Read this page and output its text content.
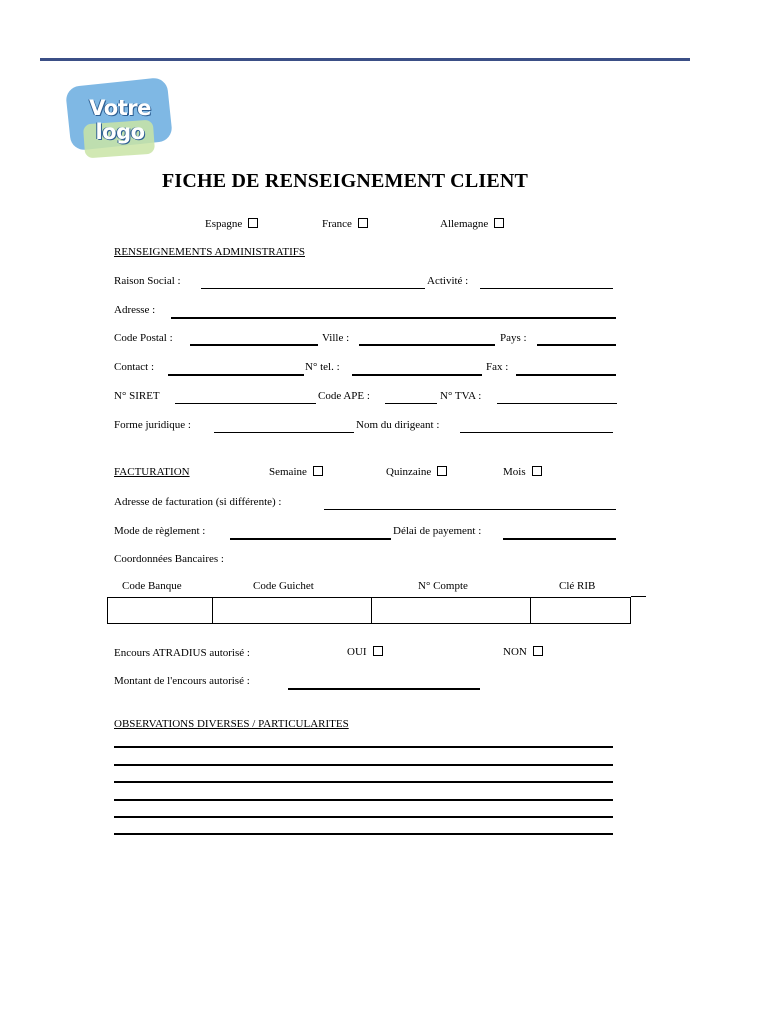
Votre logo
FICHE DE RENSEIGNEMENT CLIENT
Espagne	France	Allemagne
RENSEIGNEMENTS ADMINISTRATIFS
Raison Social :	Activité :
Adresse :
Code Postal :	Ville :	Pays :
Contact :	N° tel. :	Fax :
N° SIRET	Code APE :	N° TVA :
Forme juridique :	Nom du dirigeant :
FACTURATION	Semaine	Quinzaine	Mois
Adresse de facturation (si différente) :
Mode de règlement :	Délai de payement :
Coordonnées Bancaires :
Code Banque	Code Guichet	N° Compte	Clé RIB
Encours ATRADIUS autorisé :	OUI	NON
Montant de l'encours autorisé :
OBSERVATIONS DIVERSES / PARTICULARITES
